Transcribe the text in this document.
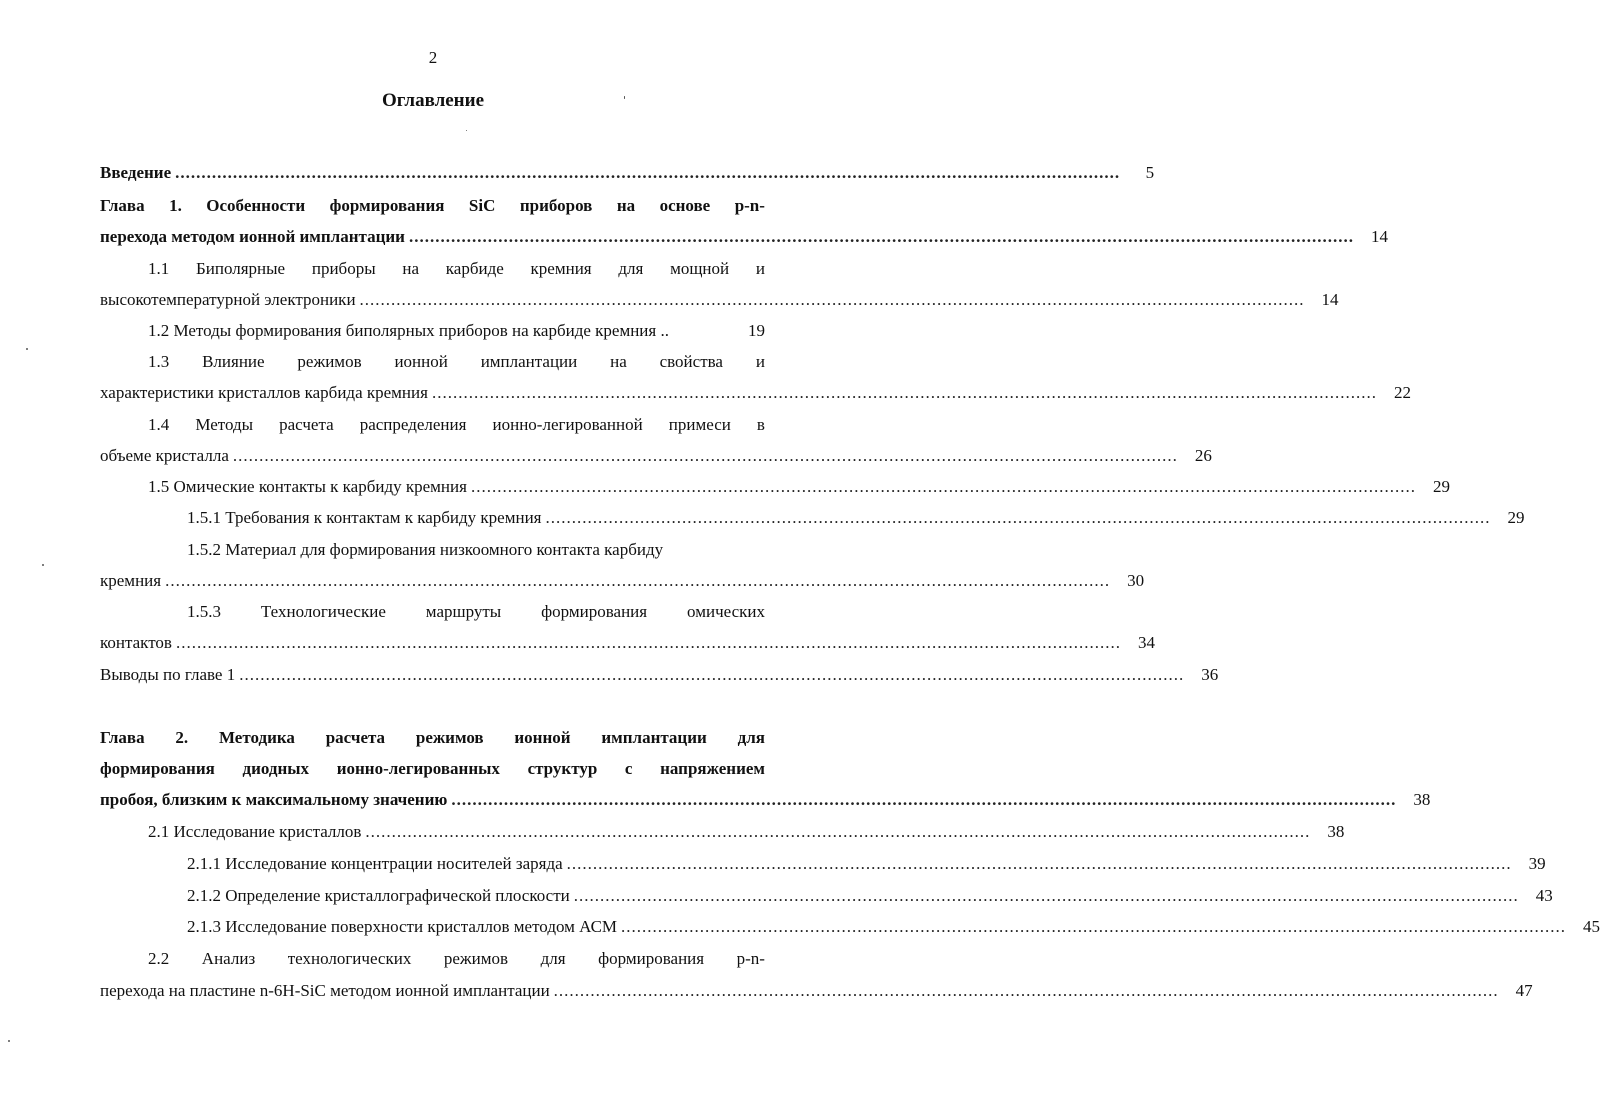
2
Оглавление
Введение ....................................................................................................................................................................................	5
Глава 1. Особенности формирования SiC приборов на основе p-n-
перехода методом ионной имплантации ....................................................................................................................................................................................	14
1.1 Биполярные приборы на карбиде кремния для мощной и
высокотемпературной электроники ....................................................................................................................................................................................	14
1.2 Методы формирования биполярных приборов на карбиде кремния ..	19
1.3 Влияние режимов ионной имплантации на свойства и
характеристики кристаллов карбида кремния ....................................................................................................................................................................................	22
1.4 Методы расчета распределения ионно-легированной примеси в
объеме кристалла ....................................................................................................................................................................................	26
1.5 Омические контакты к карбиду кремния ....................................................................................................................................................................................	29
1.5.1 Требования к контактам к карбиду кремния ....................................................................................................................................................................................	29
1.5.2 Материал для формирования низкоомного контакта карбиду
кремния ....................................................................................................................................................................................	30
1.5.3 Технологические маршруты формирования омических
контактов ....................................................................................................................................................................................	34
Выводы по главе 1 ....................................................................................................................................................................................	36
Глава 2. Методика расчета режимов ионной имплантации для
формирования диодных ионно-легированных структур с напряжением
пробоя, близким к максимальному значению ....................................................................................................................................................................................	38
2.1 Исследование кристаллов ....................................................................................................................................................................................	38
2.1.1 Исследование концентрации носителей заряда ....................................................................................................................................................................................	39
2.1.2 Определение кристаллографической плоскости ....................................................................................................................................................................................	43
2.1.3 Исследование поверхности кристаллов методом АСМ ....................................................................................................................................................................................	45
2.2 Анализ технологических режимов для формирования p-n-
перехода на пластине n-6H-SiC методом ионной имплантации ....................................................................................................................................................................................	47
